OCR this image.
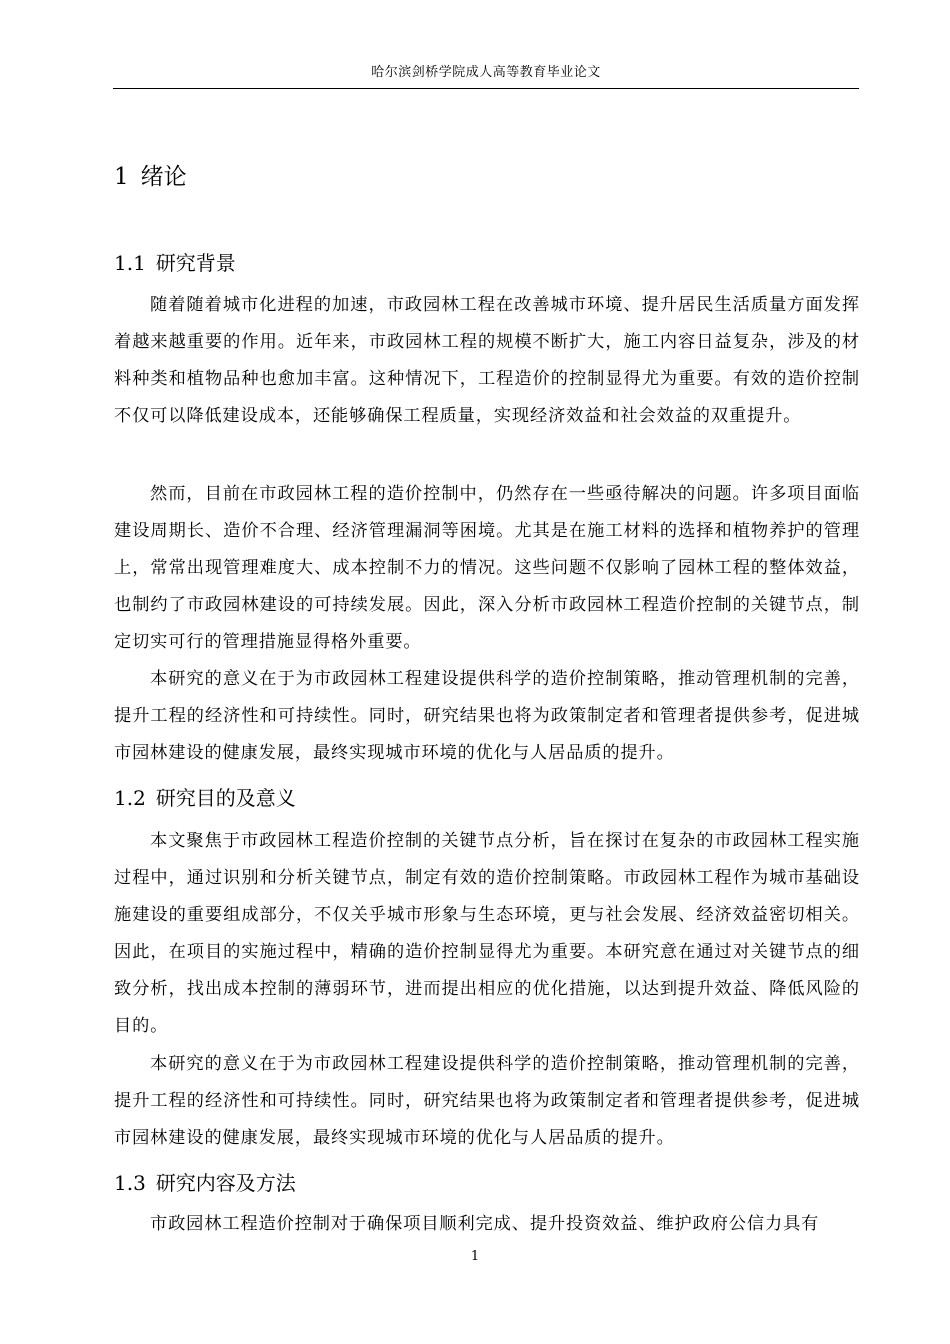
哈尔滨剑桥学院成人高等教育毕业论文
1 绪论
1.1 研究背景

随着随着城市化进程的加速，市政园林工程在改善城市环境、提升居民生活质量方面发挥着越来越重要的作用。近年来，市政园林工程的规模不断扩大，施工内容日益复杂，涉及的材料种类和植物品种也愈加丰富。这种情况下，工程造价的控制显得尤为重要。有效的造价控制不仅可以降低建设成本，还能够确保工程质量，实现经济效益和社会效益的双重提升。

然而，目前在市政园林工程的造价控制中，仍然存在一些亟待解决的问题。许多项目面临建设周期长、造价不合理、经济管理漏洞等困境。尤其是在施工材料的选择和植物养护的管理上，常常出现管理难度大、成本控制不力的情况。这些问题不仅影响了园林工程的整体效益，也制约了市政园林建设的可持续发展。因此，深入分析市政园林工程造价控制的关键节点，制定切实可行的管理措施显得格外重要。

本研究的意义在于为市政园林工程建设提供科学的造价控制策略，推动管理机制的完善，提升工程的经济性和可持续性。同时，研究结果也将为政策制定者和管理者提供参考，促进城市园林建设的健康发展，最终实现城市环境的优化与人居品质的提升。

1.2 研究目的及意义

本文聚焦于市政园林工程造价控制的关键节点分析，旨在探讨在复杂的市政园林工程实施过程中，通过识别和分析关键节点，制定有效的造价控制策略。市政园林工程作为城市基础设施建设的重要组成部分，不仅关乎城市形象与生态环境，更与社会发展、经济效益密切相关。因此，在项目的实施过程中，精确的造价控制显得尤为重要。本研究意在通过对关键节点的细致分析，找出成本控制的薄弱环节，进而提出相应的优化措施，以达到提升效益、降低风险的目的。

本研究的意义在于为市政园林工程建设提供科学的造价控制策略，推动管理机制的完善，提升工程的经济性和可持续性。同时，研究结果也将为政策制定者和管理者提供参考，促进城市园林建设的健康发展，最终实现城市环境的优化与人居品质的提升。

1.3 研究内容及方法

市政园林工程造价控制对于确保项目顺利完成、提升投资效益、维护政府公信力具有

1
